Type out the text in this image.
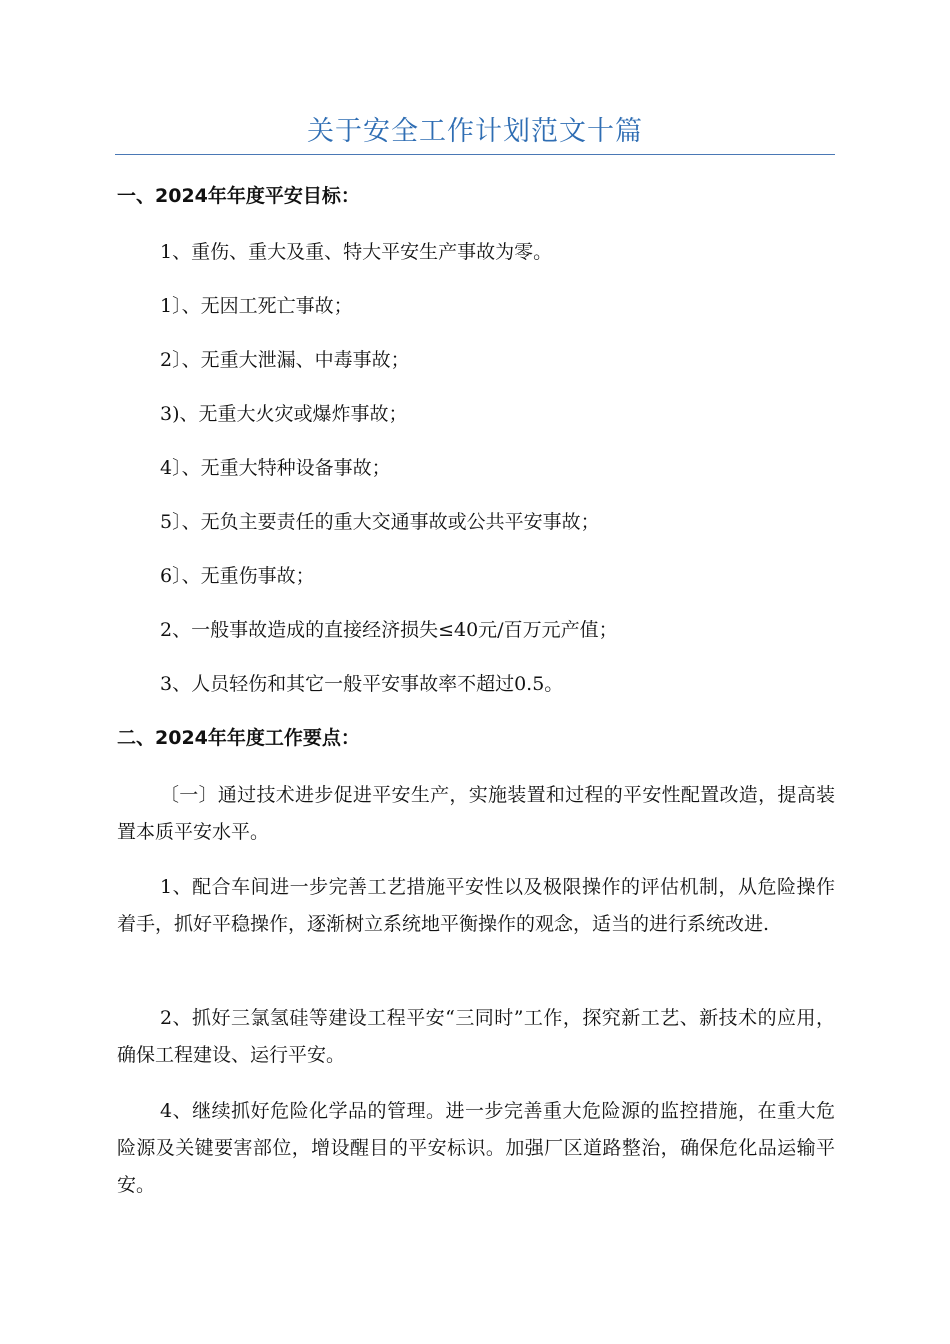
关于安全工作计划范文十篇
一、2024年年度平安目标：
1、重伤、重大及重、特大平安生产事故为零。
1〕、无因工死亡事故；
2〕、无重大泄漏、中毒事故；
3)、无重大火灾或爆炸事故；
4〕、无重大特种设备事故；
5〕、无负主要责任的重大交通事故或公共平安事故；
6〕、无重伤事故；
2、一般事故造成的直接经济损失≤40元/百万元产值；
3、人员轻伤和其它一般平安事故率不超过0.5。
二、2024年年度工作要点：
〔一〕通过技术进步促进平安生产，实施装置和过程的平安性配置改造，提高装置本质平安水平。
1、配合车间进一步完善工艺措施平安性以及极限操作的评估机制，从危险操作着手，抓好平稳操作，逐渐树立系统地平衡操作的观念，适当的进行系统改进.
2、抓好三氯氢硅等建设工程平安“三同时”工作，探究新工艺、新技术的应用，确保工程建设、运行平安。
4、继续抓好危险化学品的管理。进一步完善重大危险源的监控措施，在重大危险源及关键要害部位，增设醒目的平安标识。加强厂区道路整治，确保危化品运输平安。
